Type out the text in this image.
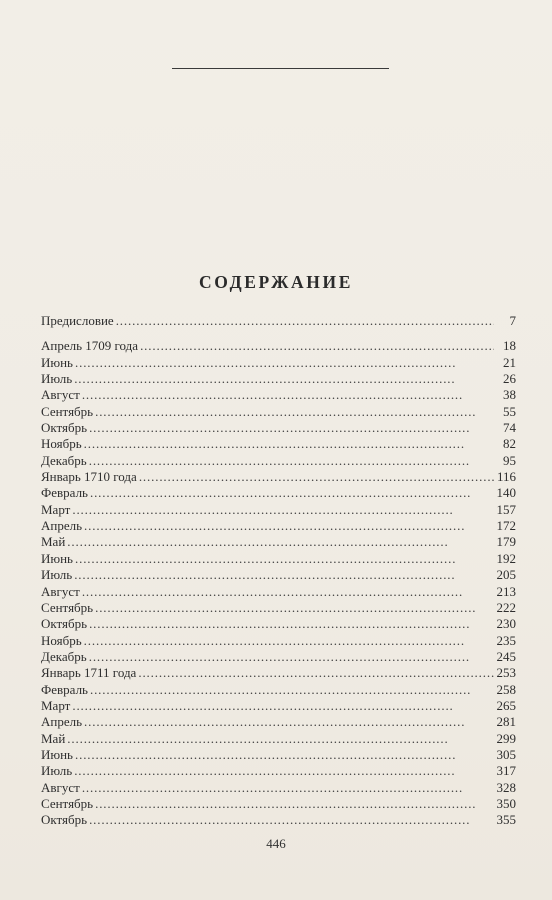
СОДЕРЖАНИЕ
Предисловие . . .	7
Апрель 1709 года . . .	18
Июнь . . .	21
Июль . . .	26
Август . . .	38
Сентябрь . . .	55
Октябрь . . .	74
Ноябрь . . .	82
Декабрь . . .	95
Январь 1710 года . . .	116
Февраль . . .	140
Март . . .	157
Апрель . . .	172
Май . . .	179
Июнь . . .	192
Июль . . .	205
Август . . .	213
Сентябрь . . .	222
Октябрь . . .	230
Ноябрь . . .	235
Декабрь . . .	245
Январь 1711 года . . .	253
Февраль . . .	258
Март . . .	265
Апрель . . .	281
Май . . .	299
Июнь . . .	305
Июль . . .	317
Август . . .	328
Сентябрь . . .	350
Октябрь . . .	355
446
